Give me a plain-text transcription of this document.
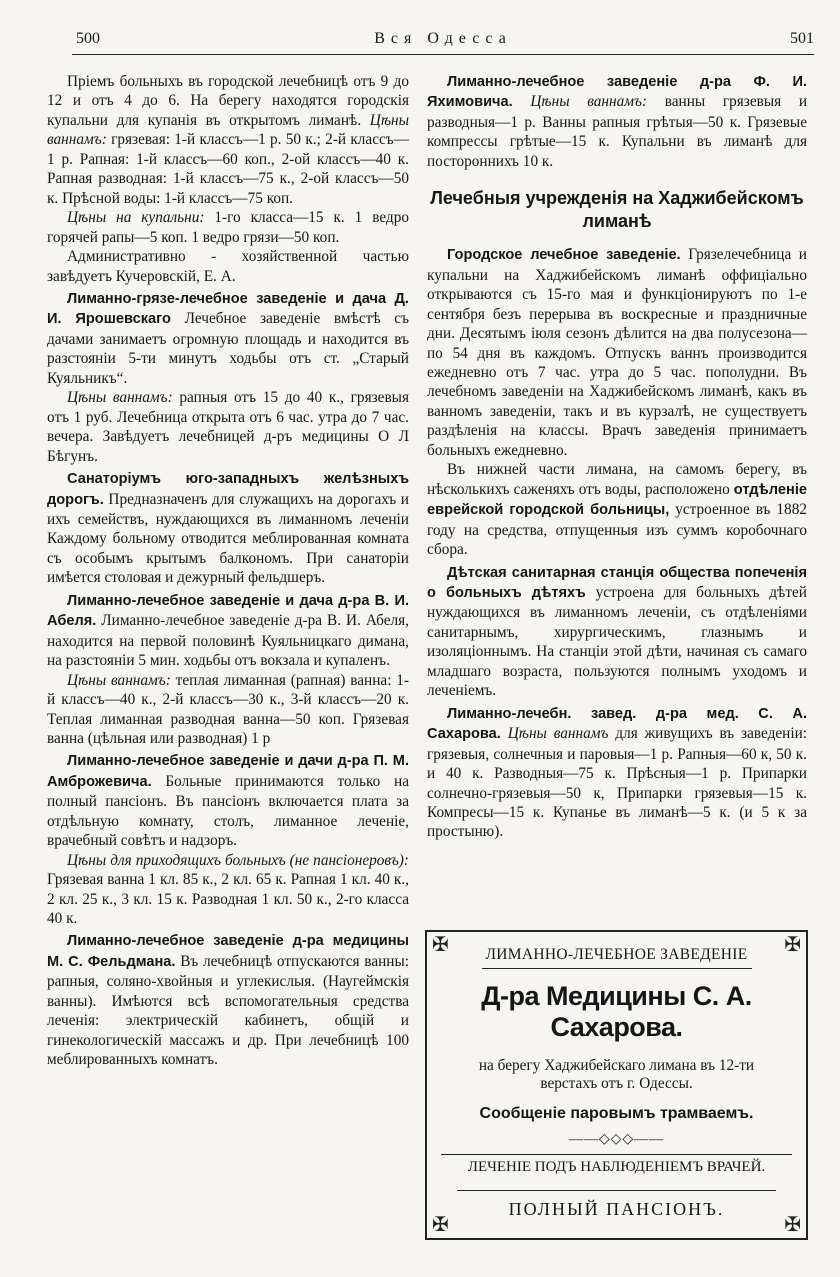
500	Вся Одесса	501

Пріемъ больныхъ въ городской лечебницѣ отъ 9 до 12 и отъ 4 до 6. На берегу находятся городскія купальни для купанія въ открытомъ лиманѣ. Цѣны ваннамъ: грязевая: 1-й классъ—1 р. 50 к.; 2-й классъ—1 р. Рапная: 1-й классъ—60 коп., 2-ой классъ—40 к. Рапная разводная: 1-й классъ—75 к., 2-ой классъ—50 к. Прѣсной воды: 1-й классъ—75 коп.

Цѣны на купальни: 1-го класса—15 к. 1 ведро горячей рапы—5 коп. 1 ведро грязи—50 коп.

Административно - хозяйственной частью завѣдуетъ Кучеровскій, Е. А.

Лиманно-грязе-лечебное заведеніе и дача Д. И. Ярошевскаго Лечебное заведеніе вмѣстѣ съ дачами занимаетъ огромную площадь и находится въ разстояніи 5-ти минутъ ходьбы отъ ст. „Старый Куяльникъ“.

Цѣны ваннамъ: рапныя отъ 15 до 40 к., грязевыя отъ 1 руб. Лечебница открыта отъ 6 час. утра до 7 час. вечера. Завѣдуетъ лечебницей д-ръ медицины О Л Бѣгунъ.

Санаторіумъ юго-западныхъ желѣзныхъ дорогъ. Предназначенъ для служащихъ на дорогахъ и ихъ семействъ, нуждающихся въ лиманномъ леченіи Каждому больному отводится меблированная комната съ особымъ крытымъ балкономъ. При санаторіи имѣется столовая и дежурный фельдшеръ.

Лиманно-лечебное заведеніе и дача д-ра В. И. Абеля. Лиманно-лечебное заведеніе д-ра В. И. Абеля, находится на первой половинѣ Куяльницкаго димана, на разстояніи 5 мин. ходьбы отъ вокзала и купаленъ.

Цѣны ваннамъ: теплая лиманная (рапная) ванна: 1-й классъ—40 к., 2-й классъ—30 к., 3-й классъ—20 к. Теплая лиманная разводная ванна—50 коп. Грязевая ванна (цѣльная или разводная) 1 р

Лиманно-лечебное заведеніе и дачи д-ра П. М. Амброжевича. Больные принимаются только на полный пансіонъ. Въ пансіонъ включается плата за отдѣльную комнату, столъ, лиманное леченіе, врачебный совѣтъ и надзоръ.

Цѣны для приходящихъ больныхъ (не пансіонеровъ): Грязевая ванна 1 кл. 85 к., 2 кл. 65 к. Рапная 1 кл. 40 к., 2 кл. 25 к., 3 кл. 15 к. Разводная 1 кл. 50 к., 2-го класса 40 к.

Лиманно-лечебное заведеніе д-ра медицины М. С. Фельдмана. Въ лечебницѣ отпускаются ванны: рапныя, соляно-хвойныя и углекислыя. (Наугеймскія ванны). Имѣются всѣ вспомогательныя средства леченія: электрическій кабинетъ, общій и гинекологическій массажъ и др. При лечебницѣ 100 меблированныхъ комнатъ.

Лиманно-лечебное заведеніе д-ра Ф. И. Яхимовича. Цѣны ваннамъ: ванны грязевыя и разводныя—1 р. Ванны рапныя грѣтыя—50 к. Грязевые компрессы грѣтые—15 к. Купальни въ лиманѣ для постороннихъ 10 к.

Лечебныя учрежденія на Хаджибейскомъ лиманѣ

Городское лечебное заведеніе. Грязелечебница и купальни на Хаджибейскомъ лиманѣ оффиціально открываются съ 15-го мая и функціонируютъ по 1-е сентября безъ перерыва въ воскресные и праздничные дни. Десятымъ іюля сезонъ дѣлится на два полусезона—по 54 дня въ каждомъ. Отпускъ ваннъ производится ежедневно отъ 7 час. утра до 5 час. пополудни. Въ лечебномъ заведеніи на Хаджибейскомъ лиманѣ, какъ въ ванномъ заведеніи, такъ и въ курзалѣ, не существуетъ раздѣленія на классы. Врачъ заведенія принимаетъ больныхъ ежедневно.

Въ нижней части лимана, на самомъ берегу, въ нѣсколькихъ саженяхъ отъ воды, расположено отдѣленіе еврейской городской больницы, устроенное въ 1882 году на средства, отпущенныя изъ суммъ коробочнаго сбора.

Дѣтская санитарная станція общества попеченія о больныхъ дѣтяхъ устроена для больныхъ дѣтей нуждающихся въ лиманномъ леченіи, съ отдѣленіями санитарнымъ, хирургическимъ, глазнымъ и изоляціоннымъ. На станціи этой дѣти, начиная съ самаго младшаго возраста, пользуются полнымъ уходомъ и леченіемъ.

Лиманно-лечебн. завед. д-ра мед. С. А. Сахарова. Цѣны ваннамъ для живущихъ въ заведеніи: грязевыя, солнечныя и паровыя—1 р. Рапныя—60 к, 50 к. и 40 к. Разводныя—75 к. Прѣсныя—1 р. Припарки солнечно-грязевыя—50 к, Припарки грязевыя—15 к. Компресы—15 к. Купанье въ лиманѣ—5 к. (и 5 к за простыню).

✠	✠
✠	✠
ЛИМАННО-ЛЕЧЕБНОЕ ЗАВЕДЕНІЕ
Д-ра Медицины С. А. Сахарова.
на берегу Хаджибейскаго лимана въ 12-ти верстахъ отъ г. Одессы.
Сообщеніе паровымъ трамваемъ.
——◇◇◇——
ЛЕЧЕНІЕ ПОДЪ НАБЛЮДЕНІЕМЪ ВРАЧЕЙ.
ПОЛНЫЙ ПАНСІОНЪ.
